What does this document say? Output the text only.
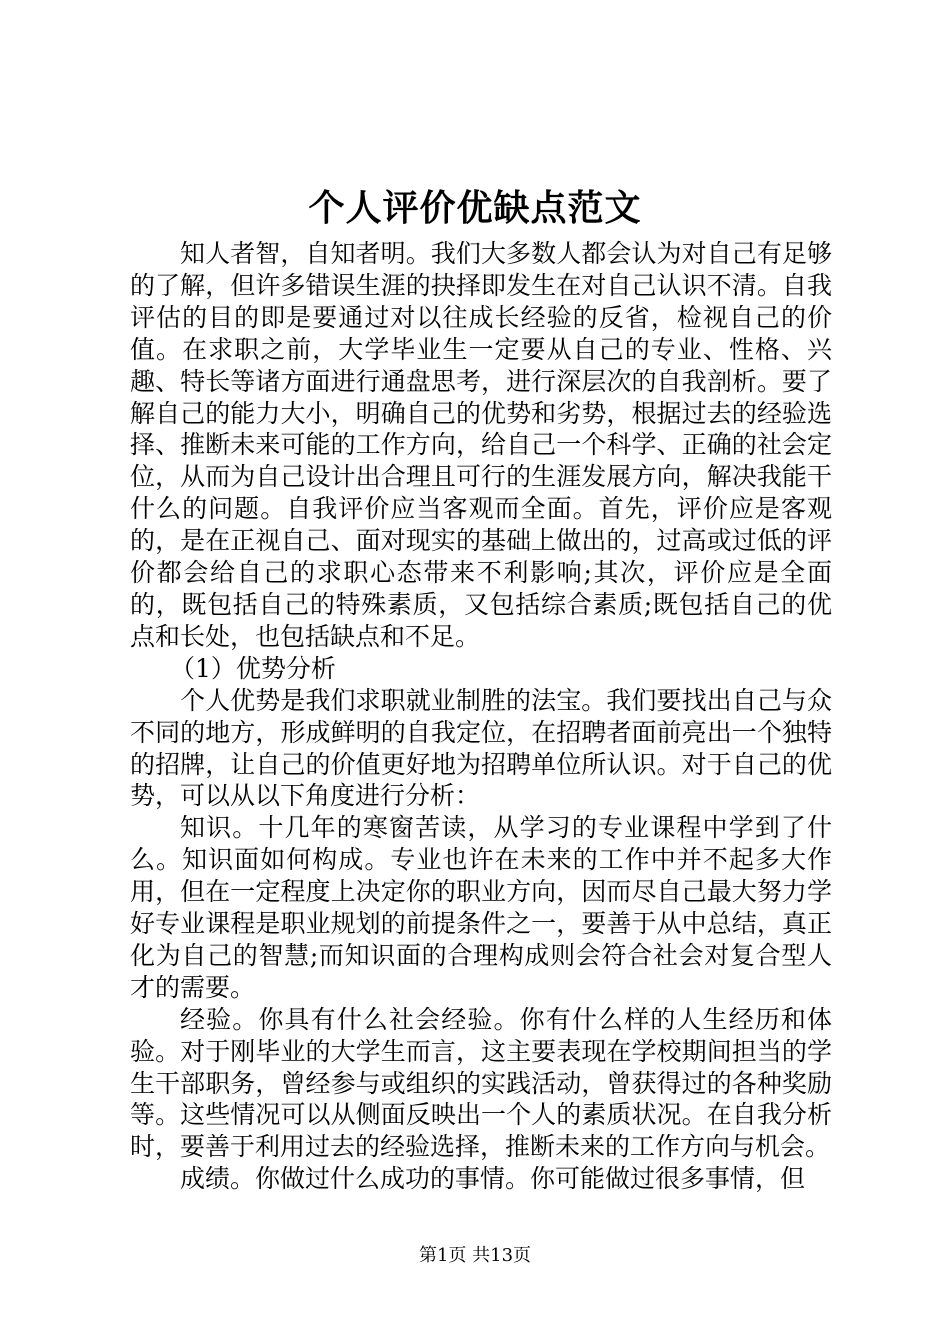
个人评价优缺点范文

知人者智，自知者明。我们大多数人都会认为对自己有足够的了解，但许多错误生涯的抉择即发生在对自己认识不清。自我评估的目的即是要通过对以往成长经验的反省，检视自己的价值。在求职之前，大学毕业生一定要从自己的专业、性格、兴趣、特长等诸方面进行通盘思考，进行深层次的自我剖析。要了解自己的能力大小，明确自己的优势和劣势，根据过去的经验选择、推断未来可能的工作方向，给自己一个科学、正确的社会定位，从而为自己设计出合理且可行的生涯发展方向，解决我能干什么的问题。自我评价应当客观而全面。首先，评价应是客观的，是在正视自己、面对现实的基础上做出的，过高或过低的评价都会给自己的求职心态带来不利影响;其次，评价应是全面的，既包括自己的特殊素质，又包括综合素质;既包括自己的优点和长处，也包括缺点和不足。

（1）优势分析

个人优势是我们求职就业制胜的法宝。我们要找出自己与众不同的地方，形成鲜明的自我定位，在招聘者面前亮出一个独特的招牌，让自己的价值更好地为招聘单位所认识。对于自己的优势，可以从以下角度进行分析：

知识。十几年的寒窗苦读，从学习的专业课程中学到了什么。知识面如何构成。专业也许在未来的工作中并不起多大作用，但在一定程度上决定你的职业方向，因而尽自己最大努力学好专业课程是职业规划的前提条件之一，要善于从中总结，真正化为自己的智慧;而知识面的合理构成则会符合社会对复合型人才的需要。

经验。你具有什么社会经验。你有什么样的人生经历和体验。对于刚毕业的大学生而言，这主要表现在学校期间担当的学生干部职务，曾经参与或组织的实践活动，曾获得过的各种奖励等。这些情况可以从侧面反映出一个人的素质状况。在自我分析时，要善于利用过去的经验选择，推断未来的工作方向与机会。

成绩。你做过什么成功的事情。你可能做过很多事情，但

第1页 共13页
